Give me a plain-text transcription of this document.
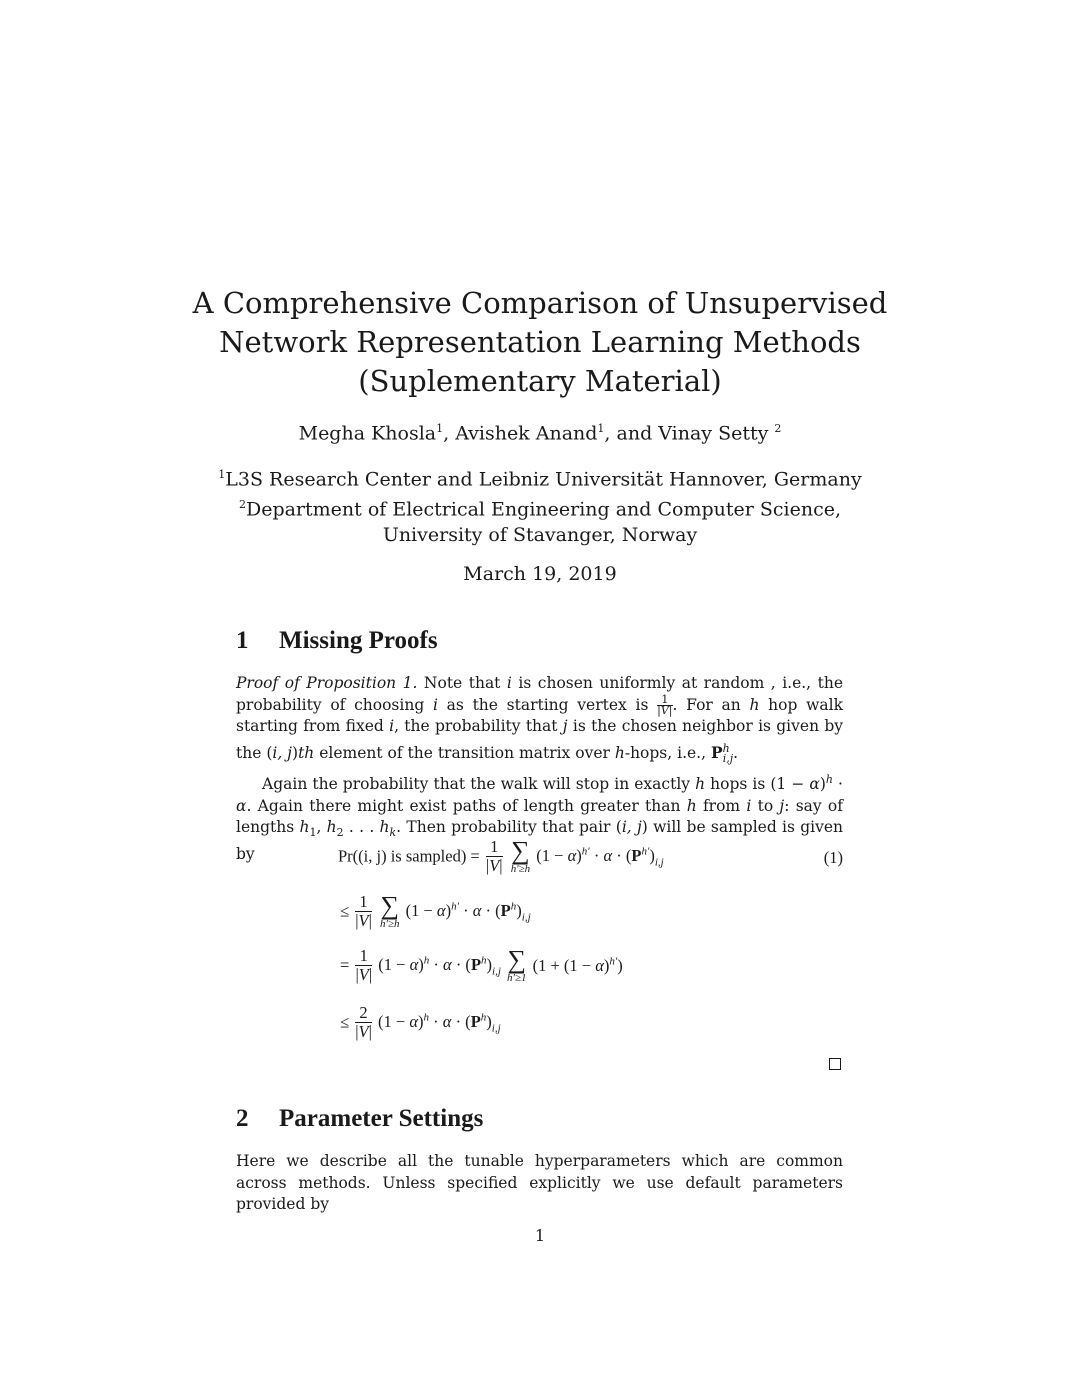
A Comprehensive Comparison of Unsupervised
Network Representation Learning Methods
(Suplementary Material)
Megha Khosla$^1$, Avishek Anand$^1$, and Vinay Setty $^2$
$^1$L3S Research Center and Leibniz Universität Hannover, Germany
$^2$Department of Electrical Engineering and Computer Science,
University of Stavanger, Norway
March 19, 2019
1 Missing Proofs

Proof of Proposition 1. Note that i is chosen uniformly at random , i.e., the probability of choosing i as the starting vertex is $\frac{1}{|V|}$ . For an h hop walk starting from fixed i, the probability that j is the chosen neighbor is given by the (i, j)th element of the transition matrix over h-hops, i.e., $P^h_{i,j}$.

Again the probability that the walk will stop in exactly h hops is $(1 - \alpha)^h \cdot \alpha$. Again there might exist paths of length greater than h from i to j: say of lengths $h_1$, $h_2$ . . . $h_k$. Then probability that pair (i, j) will be sampled is given by	Pr((i, j) is sampled) = $\frac{1}{|V|}$
∑
h′≥h
$(1 - \alpha)^{h'} \cdot \alpha \cdot (P^{h'})_{i,j}$	(1)
≤ $\frac{1}{|V|}$
∑
h′≥h
$(1 - \alpha)^{h'} \cdot \alpha \cdot (P^h)_{i,j}$
= $\frac{1}{|V|} (1 - \alpha)^h \cdot \alpha \cdot (P^h)_{i,j}$ ∑
h′≥1
$(1 + (1 - \alpha)^{h'})$
≤ $\frac{2}{|V|} (1 - \alpha)^h \cdot \alpha \cdot (P^h)_{i,j}$
2 Parameter Settings

Here we describe all the tunable hyperparameters which are common across methods. Unless specified explicitly we use default parameters provided by

1
